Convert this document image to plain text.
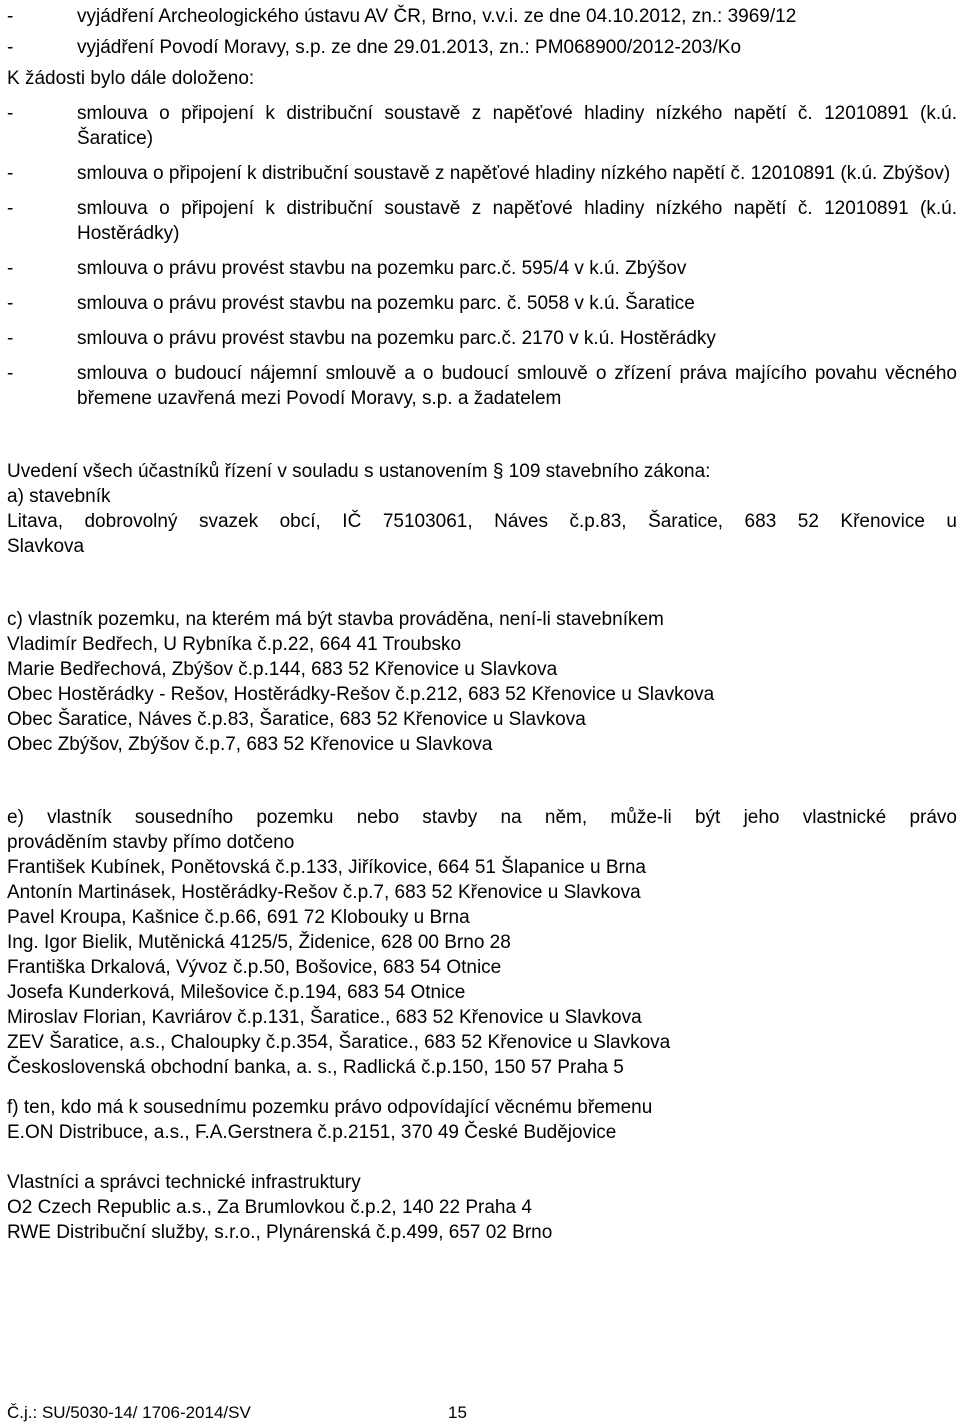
-	vyjádření Archeologického ústavu AV ČR, Brno, v.v.i. ze dne 04.10.2012, zn.: 3969/12
-	vyjádření Povodí Moravy, s.p. ze dne 29.01.2013, zn.: PM068900/2012-203/Ko

K žádosti bylo dále doloženo:

-	smlouva o připojení k distribuční soustavě z napěťové hladiny nízkého napětí č. 12010891 (k.ú. Šaratice)
-	smlouva o připojení k distribuční soustavě z napěťové hladiny nízkého napětí č. 12010891 (k.ú. Zbýšov)
-	smlouva o připojení k distribuční soustavě z napěťové hladiny nízkého napětí č. 12010891 (k.ú. Hostěrádky)
-	smlouva o právu provést stavbu na pozemku parc.č. 595/4 v k.ú. Zbýšov
-	smlouva o právu provést stavbu na pozemku parc. č. 5058 v k.ú. Šaratice
-	smlouva o právu provést stavbu na pozemku parc.č. 2170 v k.ú. Hostěrádky
-	smlouva o budoucí nájemní smlouvě a o budoucí smlouvě o zřízení práva majícího povahu věcného břemene uzavřená mezi Povodí Moravy, s.p. a žadatelem

Uvedení všech účastníků řízení v souladu s ustanovením § 109 stavebního zákona:

a) stavebník

Litava, dobrovolný svazek obcí, IČ 75103061, Náves č.p.83, Šaratice, 683 52 Křenovice u

Slavkova

c) vlastník pozemku, na kterém má být stavba prováděna, není-li stavebníkem

Vladimír Bedřech, U Rybníka č.p.22, 664 41 Troubsko

Marie Bedřechová, Zbýšov č.p.144, 683 52 Křenovice u Slavkova

Obec Hostěrádky - Rešov, Hostěrádky-Rešov č.p.212, 683 52 Křenovice u Slavkova

Obec Šaratice, Náves č.p.83, Šaratice, 683 52 Křenovice u Slavkova

Obec Zbýšov, Zbýšov č.p.7, 683 52 Křenovice u Slavkova

e) vlastník sousedního pozemku nebo stavby na něm, může-li být jeho vlastnické právo

prováděním stavby přímo dotčeno

František Kubínek, Ponětovská č.p.133, Jiříkovice, 664 51 Šlapanice u Brna

Antonín Martinásek, Hostěrádky-Rešov č.p.7, 683 52 Křenovice u Slavkova

Pavel Kroupa, Kašnice č.p.66, 691 72 Klobouky u Brna

Ing. Igor Bielik, Mutěnická 4125/5, Židenice, 628 00 Brno 28

Františka Drkalová, Vývoz č.p.50, Bošovice, 683 54 Otnice

Josefa Kunderková, Milešovice č.p.194, 683 54 Otnice

Miroslav Florian, Kavriárov č.p.131, Šaratice., 683 52 Křenovice u Slavkova

ZEV Šaratice, a.s., Chaloupky č.p.354, Šaratice., 683 52 Křenovice u Slavkova

Československá obchodní banka, a. s., Radlická č.p.150, 150 57 Praha 5

f) ten, kdo má k sousednímu pozemku právo odpovídající věcnému břemenu

E.ON Distribuce, a.s., F.A.Gerstnera č.p.2151, 370 49 České Budějovice

Vlastníci a správci technické infrastruktury

O2 Czech Republic a.s., Za Brumlovkou č.p.2, 140 22 Praha 4

RWE Distribuční služby, s.r.o., Plynárenská č.p.499, 657 02 Brno

Č.j.: SU/5030-14/ 1706-2014/SV	15
